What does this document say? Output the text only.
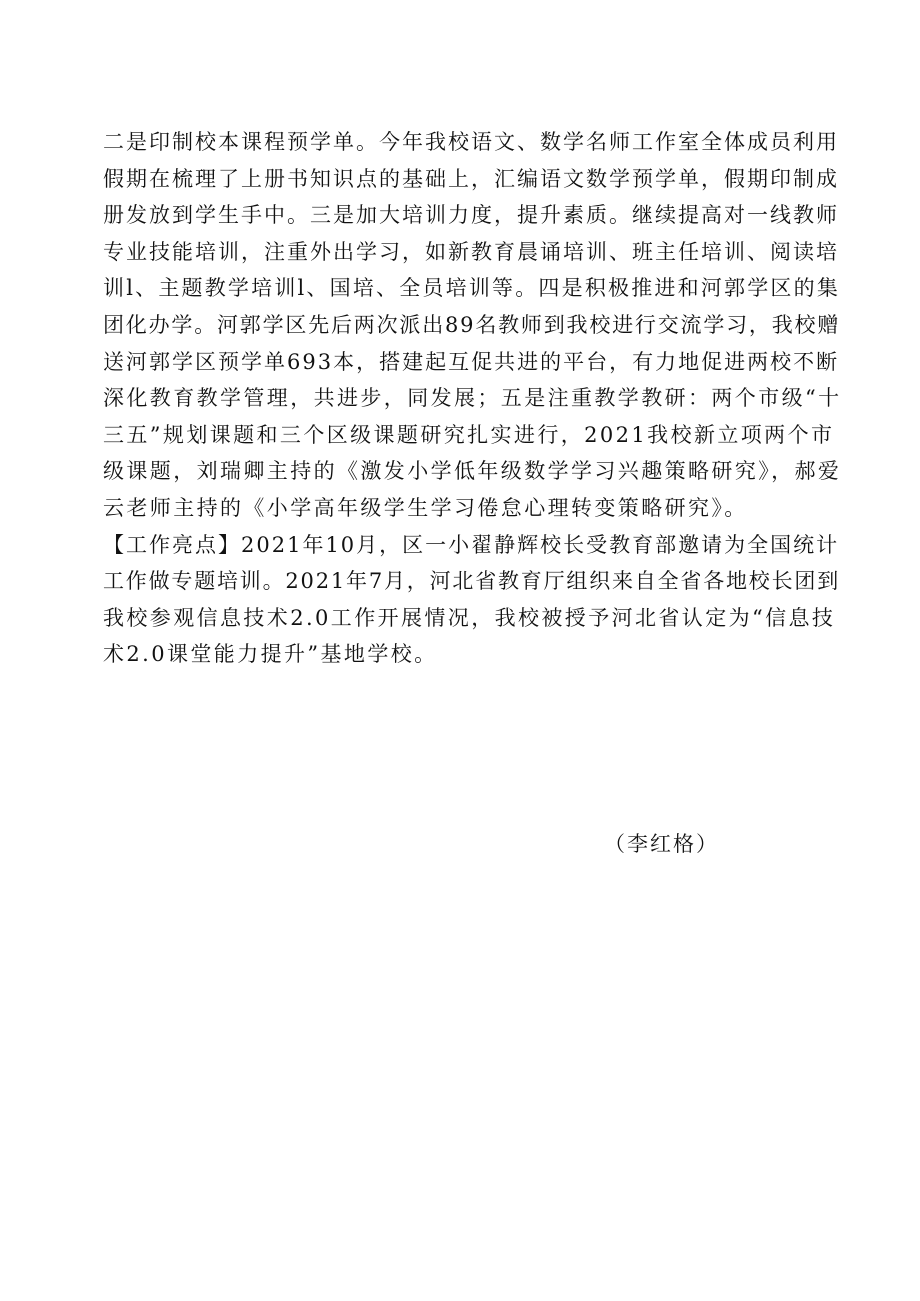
二是印制校本课程预学单。今年我校语文、数学名师工作室全体成员利用
假期在梳理了上册书知识点的基础上，汇编语文数学预学单，假期印制成
册发放到学生手中。三是加大培训力度，提升素质。继续提高对一线教师
专业技能培训，注重外出学习，如新教育晨诵培训、班主任培训、阅读培
训l、主题教学培训l、国培、全员培训等。四是积极推进和河郭学区的集
团化办学。河郭学区先后两次派出89名教师到我校进行交流学习，我校赠
送河郭学区预学单693本，搭建起互促共进的平台，有力地促进两校不断
深化教育教学管理，共进步，同发展；五是注重教学教研：两个市级“十
三五”规划课题和三个区级课题研究扎实进行，2021我校新立项两个市
级课题，刘瑞卿主持的《激发小学低年级数学学习兴趣策略研究》，郝爱
云老师主持的《小学高年级学生学习倦怠心理转变策略研究》。
【工作亮点】2021年10月，区一小翟静辉校长受教育部邀请为全国统计
工作做专题培训。2021年7月，河北省教育厅组织来自全省各地校长团到
我校参观信息技术2.0工作开展情况，我校被授予河北省认定为“信息技
术2.0课堂能力提升”基地学校。
（李红格）
